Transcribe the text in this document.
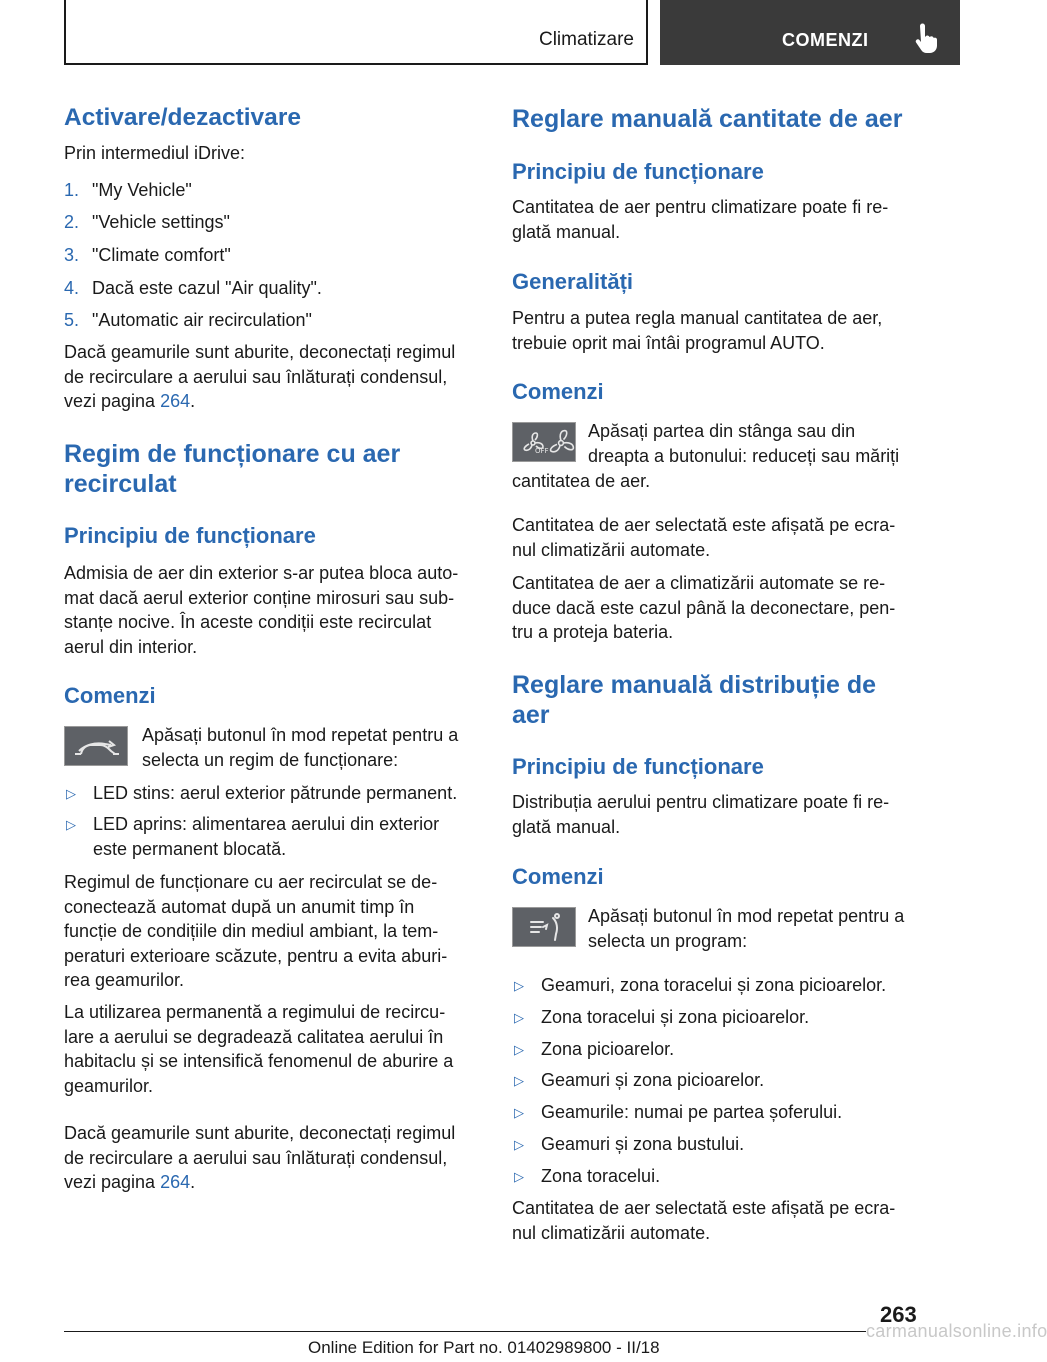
Climatizare	COMENZI
Activare/dezactivare
Prin intermediul iDrive:
1. "My Vehicle"
2. "Vehicle settings"
3. "Climate comfort"
4. Dacă este cazul "Air quality".
5. "Automatic air recirculation"
Dacă geamurile sunt aburite, deconectați regimul
de recirculare a aerului sau înlăturați condensul,
vezi pagina 264.
Regim de funcționare cu aer
recirculat
Principiu de funcționare
Admisia de aer din exterior s-ar putea bloca auto-
mat dacă aerul exterior conține mirosuri sau sub-
stanțe nocive. În aceste condiții este recirculat
aerul din interior.
Comenzi
Apăsați butonul în mod repetat pentru a
selecta un regim de funcționare:
▷ LED stins: aerul exterior pătrunde permanent.
▷ LED aprins: alimentarea aerului din exterior
este permanent blocată.
Regimul de funcționare cu aer recirculat se de-
conectează automat după un anumit timp în
funcție de condițiile din mediul ambiant, la tem-
peraturi exterioare scăzute, pentru a evita aburi-
rea geamurilor.
La utilizarea permanentă a regimului de recircu-
lare a aerului se degradează calitatea aerului în
habitaclu și se intensifică fenomenul de aburire a
geamurilor.
Dacă geamurile sunt aburite, deconectați regimul
de recirculare a aerului sau înlăturați condensul,
vezi pagina 264.
Reglare manuală cantitate de aer
Principiu de funcționare
Cantitatea de aer pentru climatizare poate fi re-
glată manual.
Generalități
Pentru a putea regla manual cantitatea de aer,
trebuie oprit mai întâi programul AUTO.
Comenzi
OFF
Apăsați partea din stânga sau din
dreapta a butonului: reduceți sau măriți
cantitatea de aer.
Cantitatea de aer selectată este afișată pe ecra-
nul climatizării automate.
Cantitatea de aer a climatizării automate se re-
duce dacă este cazul până la deconectare, pen-
tru a proteja bateria.
Reglare manuală distribuție de
aer
Principiu de funcționare
Distribuția aerului pentru climatizare poate fi re-
glată manual.
Comenzi
Apăsați butonul în mod repetat pentru a
selecta un program:
▷ Geamuri, zona toracelui și zona picioarelor.
▷ Zona toracelui și zona picioarelor.
▷ Zona picioarelor.
▷ Geamuri și zona picioarelor.
▷ Geamurile: numai pe partea șoferului.
▷ Geamuri și zona bustului.
▷ Zona toracelui.
Cantitatea de aer selectată este afișată pe ecra-
nul climatizării automate.
263
Online Edition for Part no. 01402989800 - II/18
carmanualsonline.info
